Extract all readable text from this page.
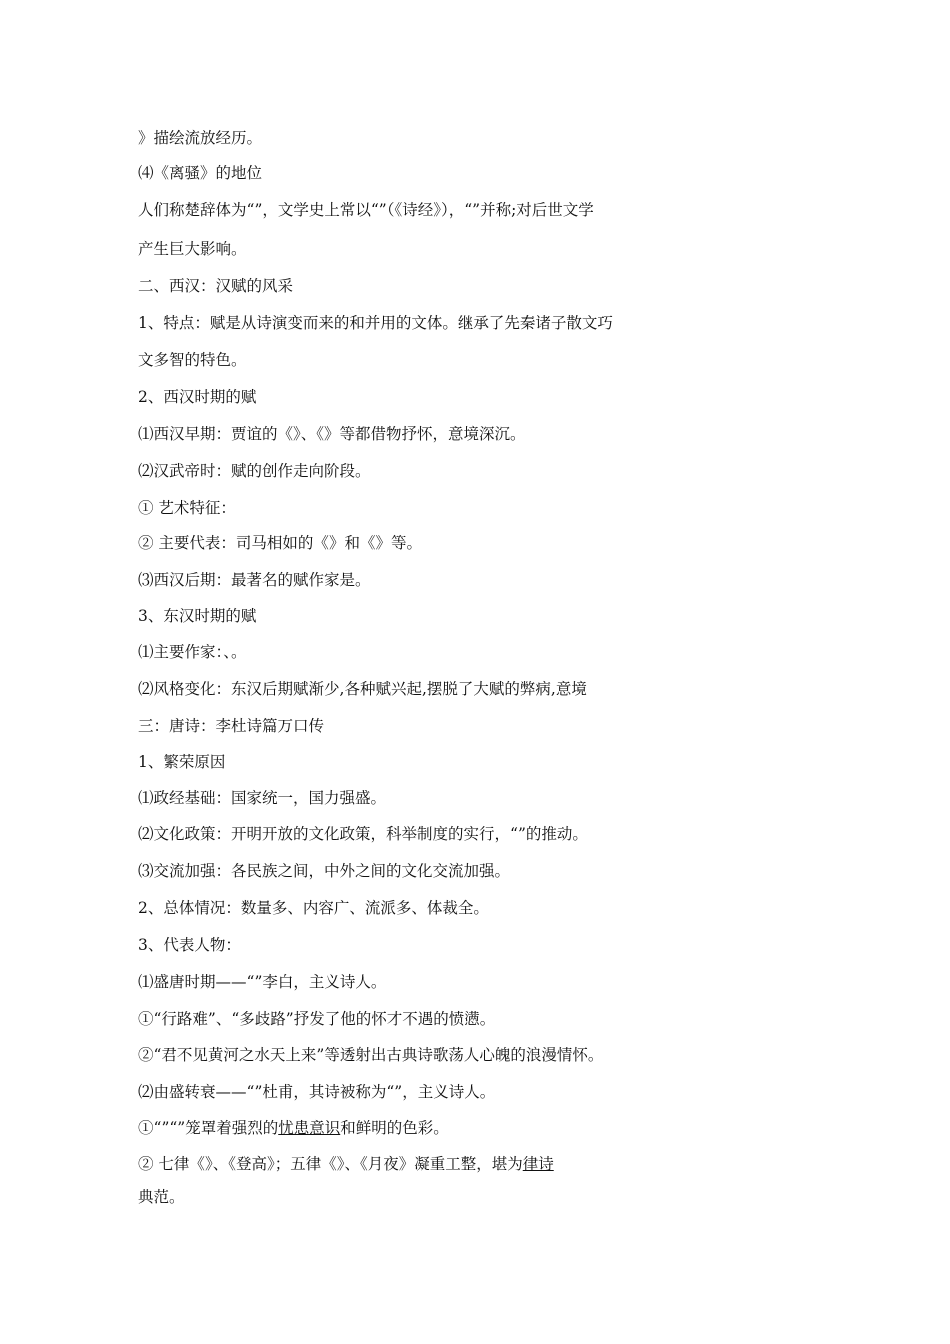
》描绘流放经历。
⑷《离骚》的地位
人们称楚辞体为“”，文学史上常以“”（《诗经》），“”并称;对后世文学
产生巨大影响。
二、西汉：汉赋的风采
1、特点：赋是从诗演变而来的和并用的文体。继承了先秦诸子散文巧
文多智的特色。
2、西汉时期的赋
⑴西汉早期：贾谊的《》、《》等都借物抒怀，意境深沉。
⑵汉武帝时：赋的创作走向阶段。
① 艺术特征：
② 主要代表：司马相如的《》和《》等。
⑶西汉后期：最著名的赋作家是。
3、东汉时期的赋
⑴主要作家：、。
⑵风格变化：东汉后期赋渐少,各种赋兴起,摆脱了大赋的弊病,意境
三：唐诗：李杜诗篇万口传
1、繁荣原因
⑴政经基础：国家统一，国力强盛。
⑵文化政策：开明开放的文化政策，科举制度的实行，“”的推动。
⑶交流加强：各民族之间，中外之间的文化交流加强。
2、总体情况：数量多、内容广、流派多、体裁全。
3、代表人物：
⑴盛唐时期——“”李白，主义诗人。
①“行路难”、“多歧路”抒发了他的怀才不遇的愤懑。
②“君不见黄河之水天上来”等透射出古典诗歌荡人心魄的浪漫情怀。
⑵由盛转衰——“”杜甫，其诗被称为“”，主义诗人。
①“”“”笼罩着强烈的忧患意识和鲜明的色彩。
② 七律《》、《登高》；五律《》、《月夜》凝重工整，堪为律诗
典范。
